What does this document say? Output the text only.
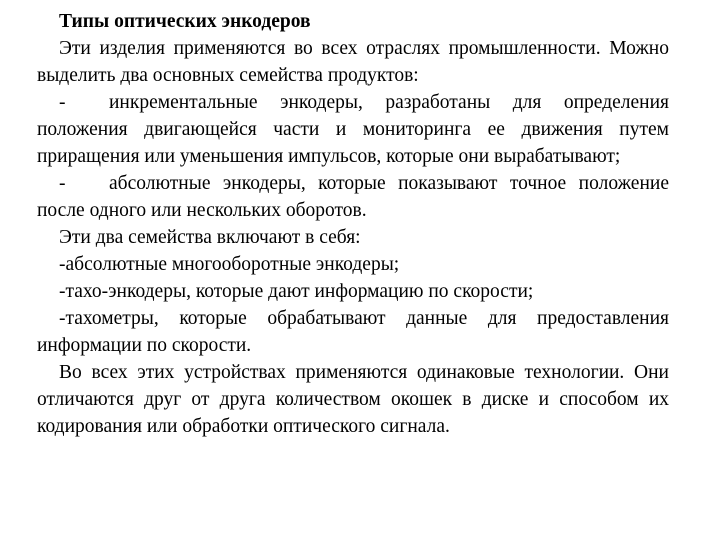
Типы оптических энкодеров

Эти изделия применяются во всех отраслях промышленности. Можно выделить два основных семейства продуктов:

- инкрементальные энкодеры, разработаны для определения положения двигающейся части и мониторинга ее движения путем приращения или уменьшения импульсов, которые они вырабатывают;

- абсолютные энкодеры, которые показывают точное положение после одного или нескольких оборотов.

Эти два семейства включают в себя:

-абсолютные многооборотные энкодеры;

-тахо-энкодеры, которые дают информацию по скорости;

-тахометры, которые обрабатывают данные для предоставления информации по скорости.

Во всех этих устройствах применяются одинаковые технологии. Они отличаются друг от друга количеством окошек в диске и способом их кодирования или обработки оптического сигнала.
